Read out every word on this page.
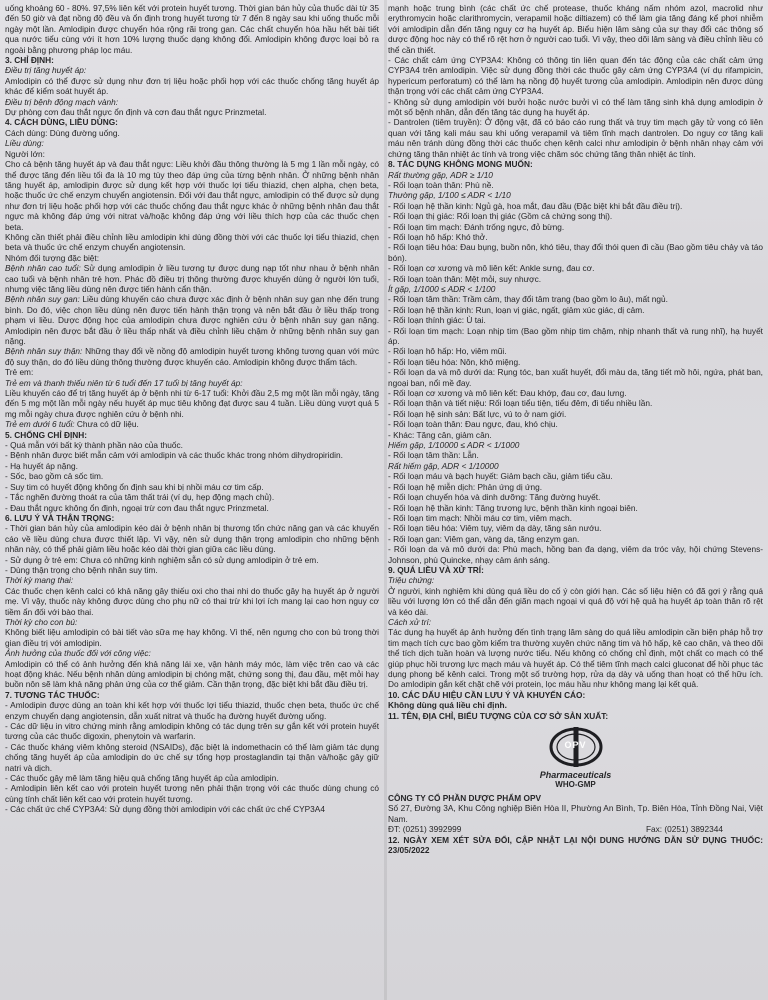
uống khoảng 60 - 80%. 97,5% liên kết với protein huyết tương. Thời gian bán hủy của thuốc dài từ 35 đến 50 giờ và đạt nồng độ đều và ổn định trong huyết tương từ 7 đến 8 ngày sau khi uống thuốc mỗi ngày một lần. Amlodipin được chuyển hóa rộng rãi trong gan. Các chất chuyển hóa hầu hết bài tiết qua nước tiểu cùng với ít hơn 10% lượng thuốc dạng không đổi. Amlodipin không được loại bỏ ra ngoài bằng phương pháp lọc máu.

3. CHỈ ĐỊNH:

Điều trị tăng huyết áp:

Amlodipin có thể được sử dụng như đơn trị liệu hoặc phối hợp với các thuốc chống tăng huyết áp khác để kiểm soát huyết áp.

Điều trị bệnh động mạch vành:

Dự phòng cơn đau thắt ngực ổn định và cơn đau thắt ngực Prinzmetal.

4. CÁCH DÙNG, LIỀU DÙNG:

Cách dùng: Dùng đường uống.

Liều dùng:

Người lớn:

Cho cả bệnh tăng huyết áp và đau thắt ngực: Liều khởi đầu thông thường là 5 mg 1 lần mỗi ngày, có thể được tăng đến liều tối đa là 10 mg tùy theo đáp ứng của từng bệnh nhân. Ở những bệnh nhân tăng huyết áp, amlodipin được sử dụng kết hợp với thuốc lợi tiểu thiazid, chẹn alpha, chẹn beta, hoặc thuốc ức chế enzym chuyển angiotensin. Đối với đau thắt ngực, amlodipin có thể được sử dụng như đơn trị liệu hoặc phối hợp với các thuốc chống đau thắt ngực khác ở những bệnh nhân đau thắt ngực mà không đáp ứng với nitrat và/hoặc không đáp ứng với liều thích hợp của các thuốc chẹn beta.

Không cần thiết phải điều chỉnh liều amlodipin khi dùng đồng thời với các thuốc lợi tiểu thiazid, chẹn beta và thuốc ức chế enzym chuyển angiotensin.

Nhóm đối tượng đặc biệt:

Bệnh nhân cao tuổi: Sử dụng amlodipin ở liều tương tự được dung nạp tốt như nhau ở bệnh nhân cao tuổi và bệnh nhân trẻ hơn. Phác đồ điều trị thông thường được khuyến dùng ở người lớn tuổi, nhưng việc tăng liều dùng nên được tiến hành cẩn thận.

Bệnh nhân suy gan: Liều dùng khuyến cáo chưa được xác định ở bệnh nhân suy gan nhẹ đến trung bình. Do đó, việc chọn liều dùng nên được tiến hành thận trọng và nên bắt đầu ở liều thấp trong phạm vi liều. Dược động học của amlodipin chưa được nghiên cứu ở bệnh nhân suy gan nặng. Amlodipin nên được bắt đầu ở liều thấp nhất và điều chỉnh liều chậm ở những bệnh nhân suy gan nặng.

Bệnh nhân suy thận: Những thay đổi về nồng độ amlodipin huyết tương không tương quan với mức độ suy thận, do đó liều dùng thông thường được khuyến cáo. Amlodipin không được thẩm tách.

Trẻ em:

Trẻ em và thanh thiếu niên từ 6 tuổi đến 17 tuổi bị tăng huyết áp:

Liều khuyến cáo để trị tăng huyết áp ở bệnh nhi từ 6-17 tuổi: Khởi đầu 2,5 mg một lần mỗi ngày, tăng đến 5 mg một lần mỗi ngày nếu huyết áp mục tiêu không đạt được sau 4 tuần. Liều dùng vượt quá 5 mg mỗi ngày chưa được nghiên cứu ở bệnh nhi.

Trẻ em dưới 6 tuổi: Chưa có dữ liệu.

5. CHỐNG CHỈ ĐỊNH:

- Quá mẫn với bất kỳ thành phần nào của thuốc.

- Bệnh nhân được biết mẫn cảm với amlodipin và các thuốc khác trong nhóm dihydropiridin.

- Hạ huyết áp nặng.

- Sốc, bao gồm cả sốc tim.

- Suy tim có huyết động không ổn định sau khi bị nhồi máu cơ tim cấp.

- Tắc nghẽn đường thoát ra của tâm thất trái (ví dụ, hẹp động mạch chủ).

- Đau thắt ngực không ổn định, ngoại trừ cơn đau thắt ngực Prinzmetal.

6. LƯU Ý VÀ THẬN TRỌNG:

- Thời gian bán hủy của amlodipin kéo dài ở bệnh nhân bị thương tổn chức năng gan và các khuyến cáo về liều dùng chưa được thiết lập. Vì vậy, nên sử dụng thận trọng amlodipin cho những bệnh nhân này, có thể phải giảm liều hoặc kéo dài thời gian giữa các liều dùng.

- Sử dụng ở trẻ em: Chưa có những kinh nghiệm sẵn có sử dụng amlodipin ở trẻ em.

- Dùng thận trọng cho bệnh nhân suy tim.

Thời kỳ mang thai:

Các thuốc chẹn kênh calci có khả năng gây thiếu oxi cho thai nhi do thuốc gây hạ huyết áp ở người mẹ. Vì vậy, thuốc này không được dùng cho phụ nữ có thai trừ khi lợi ích mang lại cao hơn nguy cơ tiềm ẩn đối với bào thai.

Thời kỳ cho con bú:

Không biết liệu amlodipin có bài tiết vào sữa mẹ hay không. Vì thế, nên ngưng cho con bú trong thời gian điều trị với amlodipin.

Ảnh hưởng của thuốc đối với công việc:

Amlodipin có thể có ảnh hưởng đến khả năng lái xe, vận hành máy móc, làm việc trên cao và các hoạt động khác. Nếu bệnh nhân dùng amlodipin bị chóng mặt, chứng song thị, đau đầu, mệt mỏi hay buồn nôn sẽ làm khả năng phản ứng của cơ thể giảm. Cần thận trọng, đặc biệt khi bắt đầu điều trị.

7. TƯƠNG TÁC THUỐC:

- Amlodipin được dùng an toàn khi kết hợp với thuốc lợi tiểu thiazid, thuốc chẹn beta, thuốc ức chế enzym chuyển dạng angiotensin, dẫn xuất nitrat và thuốc hạ đường huyết đường uống.

- Các dữ liệu in vitro chứng minh rằng amlodipin không có tác dụng trên sự gắn kết với protein huyết tương của các thuốc digoxin, phenytoin và warfarin.

- Các thuốc kháng viêm không steroid (NSAIDs), đặc biệt là indomethacin có thể làm giảm tác dụng chống tăng huyết áp của amlodipin do ức chế sự tổng hợp prostaglandin tại thận và/hoặc gây giữ natri và dịch.

- Các thuốc gây mê làm tăng hiệu quả chống tăng huyết áp của amlodipin.

- Amlodipin liên kết cao với protein huyết tương nên phải thận trọng với các thuốc dùng chung có cùng tính chất liên kết cao với protein huyết tương.

- Các chất ức chế CYP3A4: Sử dụng đồng thời amlodipin với các chất ức chế CYP3A4

mạnh hoặc trung bình (các chất ức chế protease, thuốc kháng nấm nhóm azol, macrolid như erythromycin hoặc clarithromycin, verapamil hoặc diltiazem) có thể làm gia tăng đáng kể phơi nhiễm với amlodipin dẫn đến tăng nguy cơ hạ huyết áp. Biểu hiện lâm sàng của sự thay đổi các thông số dược động học này có thể rõ rệt hơn ở người cao tuổi. Vì vậy, theo dõi lâm sàng và điều chỉnh liều có thể cần thiết.

- Các chất cảm ứng CYP3A4: Không có thông tin liên quan đến tác động của các chất cảm ứng CYP3A4 trên amlodipin. Việc sử dụng đồng thời các thuốc gây cảm ứng CYP3A4 (ví dụ rifampicin, hypericum perforatum) có thể làm hạ nồng độ huyết tương của amlodipin. Amlodipin nên được dùng thận trọng với các chất cảm ứng CYP3A4.

- Không sử dụng amlodipin với bưởi hoặc nước bưởi vì có thể làm tăng sinh khả dụng amlodipin ở một số bệnh nhân, dẫn đến tăng tác dụng hạ huyết áp.

- Dantrolen (tiêm truyền): Ở động vật, đã có báo cáo rung thất và trụy tim mạch gây tử vong có liên quan với tăng kali máu sau khi uống verapamil và tiêm tĩnh mạch dantrolen. Do nguy cơ tăng kali máu nên tránh dùng đồng thời các thuốc chẹn kênh calci như amlodipin ở bệnh nhân nhạy cảm với chứng tăng thân nhiệt ác tính và trong việc chăm sóc chứng tăng thân nhiệt ác tính.

8. TÁC DỤNG KHÔNG MONG MUỐN:

Rất thường gặp, ADR ≥ 1/10

- Rối loạn toàn thân: Phù nề.

Thường gặp, 1/100 ≤ ADR < 1/10

- Rối loạn hệ thần kinh: Ngủ gà, hoa mắt, đau đầu (Đặc biệt khi bắt đầu điều trị).

- Rối loạn thị giác: Rối loạn thị giác (Gồm cả chứng song thị).

- Rối loạn tim mạch: Đánh trống ngực, đỏ bừng.

- Rối loạn hô hấp: Khó thở.

- Rối loạn tiêu hóa: Đau bụng, buồn nôn, khó tiêu, thay đổi thói quen đi cầu (Bao gồm tiêu chảy và táo bón).

- Rối loạn cơ xương và mô liên kết: Ankle sưng, đau cơ.

- Rối loạn toàn thân: Mệt mỏi, suy nhược.

Ít gặp, 1/1000 ≤ ADR < 1/100

- Rối loạn tâm thần: Trầm cảm, thay đổi tâm trạng (bao gồm lo âu), mất ngủ.

- Rối loạn hệ thần kinh: Run, loạn vị giác, ngất, giảm xúc giác, dị cảm.

- Rối loạn thính giác: Ù tai.

- Rối loạn tim mạch: Loạn nhịp tim (Bao gồm nhịp tim chậm, nhịp nhanh thất và rung nhĩ), hạ huyết áp.

- Rối loạn hô hấp: Ho, viêm mũi.

- Rối loạn tiêu hóa: Nôn, khô miệng.

- Rối loạn da và mô dưới da: Rụng tóc, ban xuất huyết, đổi màu da, tăng tiết mồ hôi, ngứa, phát ban, ngoại ban, nổi mề đay.

- Rối loạn cơ xương và mô liên kết: Đau khớp, đau cơ, đau lưng.

- Rối loạn thận và tiết niệu: Rối loạn tiểu tiện, tiểu đêm, đi tiểu nhiều lần.

- Rối loạn hệ sinh sản: Bất lực, vú to ở nam giới.

- Rối loạn toàn thân: Đau ngực, đau, khó chịu.

- Khác: Tăng cân, giảm cân.

Hiếm gặp, 1/10000 ≤ ADR < 1/1000

- Rối loạn tâm thần: Lẫn.

Rất hiếm gặp, ADR < 1/10000

- Rối loạn máu và bạch huyết: Giảm bạch cầu, giảm tiểu cầu.

- Rối loạn hệ miễn dịch: Phản ứng dị ứng.

- Rối loạn chuyển hóa và dinh dưỡng: Tăng đường huyết.

- Rối loạn hệ thần kinh: Tăng trương lực, bệnh thần kinh ngoại biên.

- Rối loạn tim mạch: Nhồi máu cơ tim, viêm mạch.

- Rối loạn tiêu hóa: Viêm tụy, viêm dạ dày, tăng sản nướu.

- Rối loạn gan: Viêm gan, vàng da, tăng enzym gan.

- Rối loạn da và mô dưới da: Phù mạch, hồng ban đa dạng, viêm da tróc vảy, hội chứng Stevens-Johnson, phù Quincke, nhạy cảm ánh sáng.

9. QUÁ LIỀU VÀ XỬ TRÍ:

Triệu chứng:

Ở người, kinh nghiệm khi dùng quá liều do cố ý còn giới hạn. Các số liệu hiện có đã gợi ý rằng quá liều với lượng lớn có thể dẫn đến giãn mạch ngoại vi quá độ với hệ quả hạ huyết áp toàn thân rõ rệt và kéo dài.

Cách xử trí:

Tác dụng hạ huyết áp ảnh hưởng đến tình trạng lâm sàng do quá liều amlodipin cần biện pháp hỗ trợ tim mạch tích cực bao gồm kiểm tra thường xuyên chức năng tim và hô hấp, kê cao chân, và theo dõi thể tích dịch tuần hoàn và lượng nước tiểu. Nếu không có chống chỉ định, một chất co mạch có thể giúp phục hồi trương lực mạch máu và huyết áp. Có thể tiêm tĩnh mạch calci gluconat để hồi phục tác dụng phong bế kênh calci. Trong một số trường hợp, rửa dạ dày và uống than hoạt có thể hữu ích. Do amlodipin gắn kết chặt chẽ với protein, lọc máu hầu như không mang lại kết quả.

10. CÁC DẤU HIỆU CẦN LƯU Ý VÀ KHUYẾN CÁO:

Không dùng quá liều chỉ định.

11. TÊN, ĐỊA CHỈ, BIỂU TƯỢNG CỦA CƠ SỞ SẢN XUẤT:

OPV
Pharmaceuticals
WHO-GMP

CÔNG TY CỔ PHẦN DƯỢC PHẨM OPV

Số 27, Đường 3A, Khu Công nghiệp Biên Hòa II, Phường An Bình, Tp. Biên Hòa, Tỉnh Đồng Nai, Việt Nam.

ĐT: (0251) 3992999	Fax: (0251) 3892344

12. NGÀY XEM XÉT SỬA ĐỔI, CẬP NHẬT LẠI NỘI DUNG HƯỚNG DẪN SỬ DỤNG THUỐC: 23/05/2022
